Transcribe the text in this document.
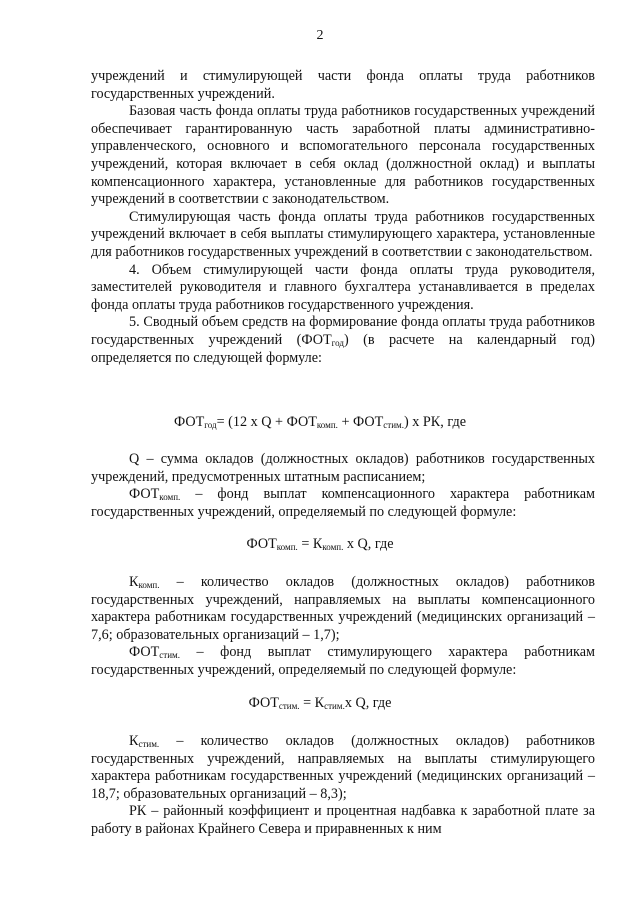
2

учреждений и стимулирующей части фонда оплаты труда работников государственных учреждений.

Базовая часть фонда оплаты труда работников государственных учреждений обеспечивает гарантированную часть заработной платы административно-управленческого, основного и вспомогательного персонала государственных учреждений, которая включает в себя оклад (должностной оклад) и выплаты компенсационного характера, установленные для работников государственных учреждений в соответствии с законодательством.

Стимулирующая часть фонда оплаты труда работников государственных учреждений включает в себя выплаты стимулирующего характера, установленные для работников государственных учреждений в соответствии с законодательством.

4. Объем стимулирующей части фонда оплаты труда руководителя, заместителей руководителя и главного бухгалтера устанавливается в пределах фонда оплаты труда работников государственного учреждения.

5. Сводный объем средств на формирование фонда оплаты труда работников государственных учреждений $(ФОТ_{год})$ (в расчете на календарный год) определяется по следующей формуле:

$ФОТ_{год}= (12$ x $Q + ФОТ_{комп.} + ФОТ_{стим.}$) x РК, где

Q – сумма окладов (должностных окладов) работников государственных учреждений, предусмотренных штатным расписанием;

$ФОТ_{комп.}$ – фонд выплат компенсационного характера работникам государственных учреждений, определяемый по следующей формуле:

$ФОТ_{комп.} = К_{комп.}$ x Q, где

$К_{комп.}$ – количество окладов (должностных окладов) работников государственных учреждений, направляемых на выплаты компенсационного характера работникам государственных учреждений (медицинских организаций – 7,6; образовательных организаций – 1,7);

$ФОТ_{стим.}$ – фонд выплат стимулирующего характера работникам государственных учреждений, определяемый по следующей формуле:

$ФОТ_{стим.} = К_{стим.}x$ Q, где

$К_{стим.}$ – количество окладов (должностных окладов) работников государственных учреждений, направляемых на выплаты стимулирующего характера работникам государственных учреждений (медицинских организаций – 18,7; образовательных организаций – 8,3);

РК – районный коэффициент и процентная надбавка к заработной плате за работу в районах Крайнего Севера и приравненных к ним
